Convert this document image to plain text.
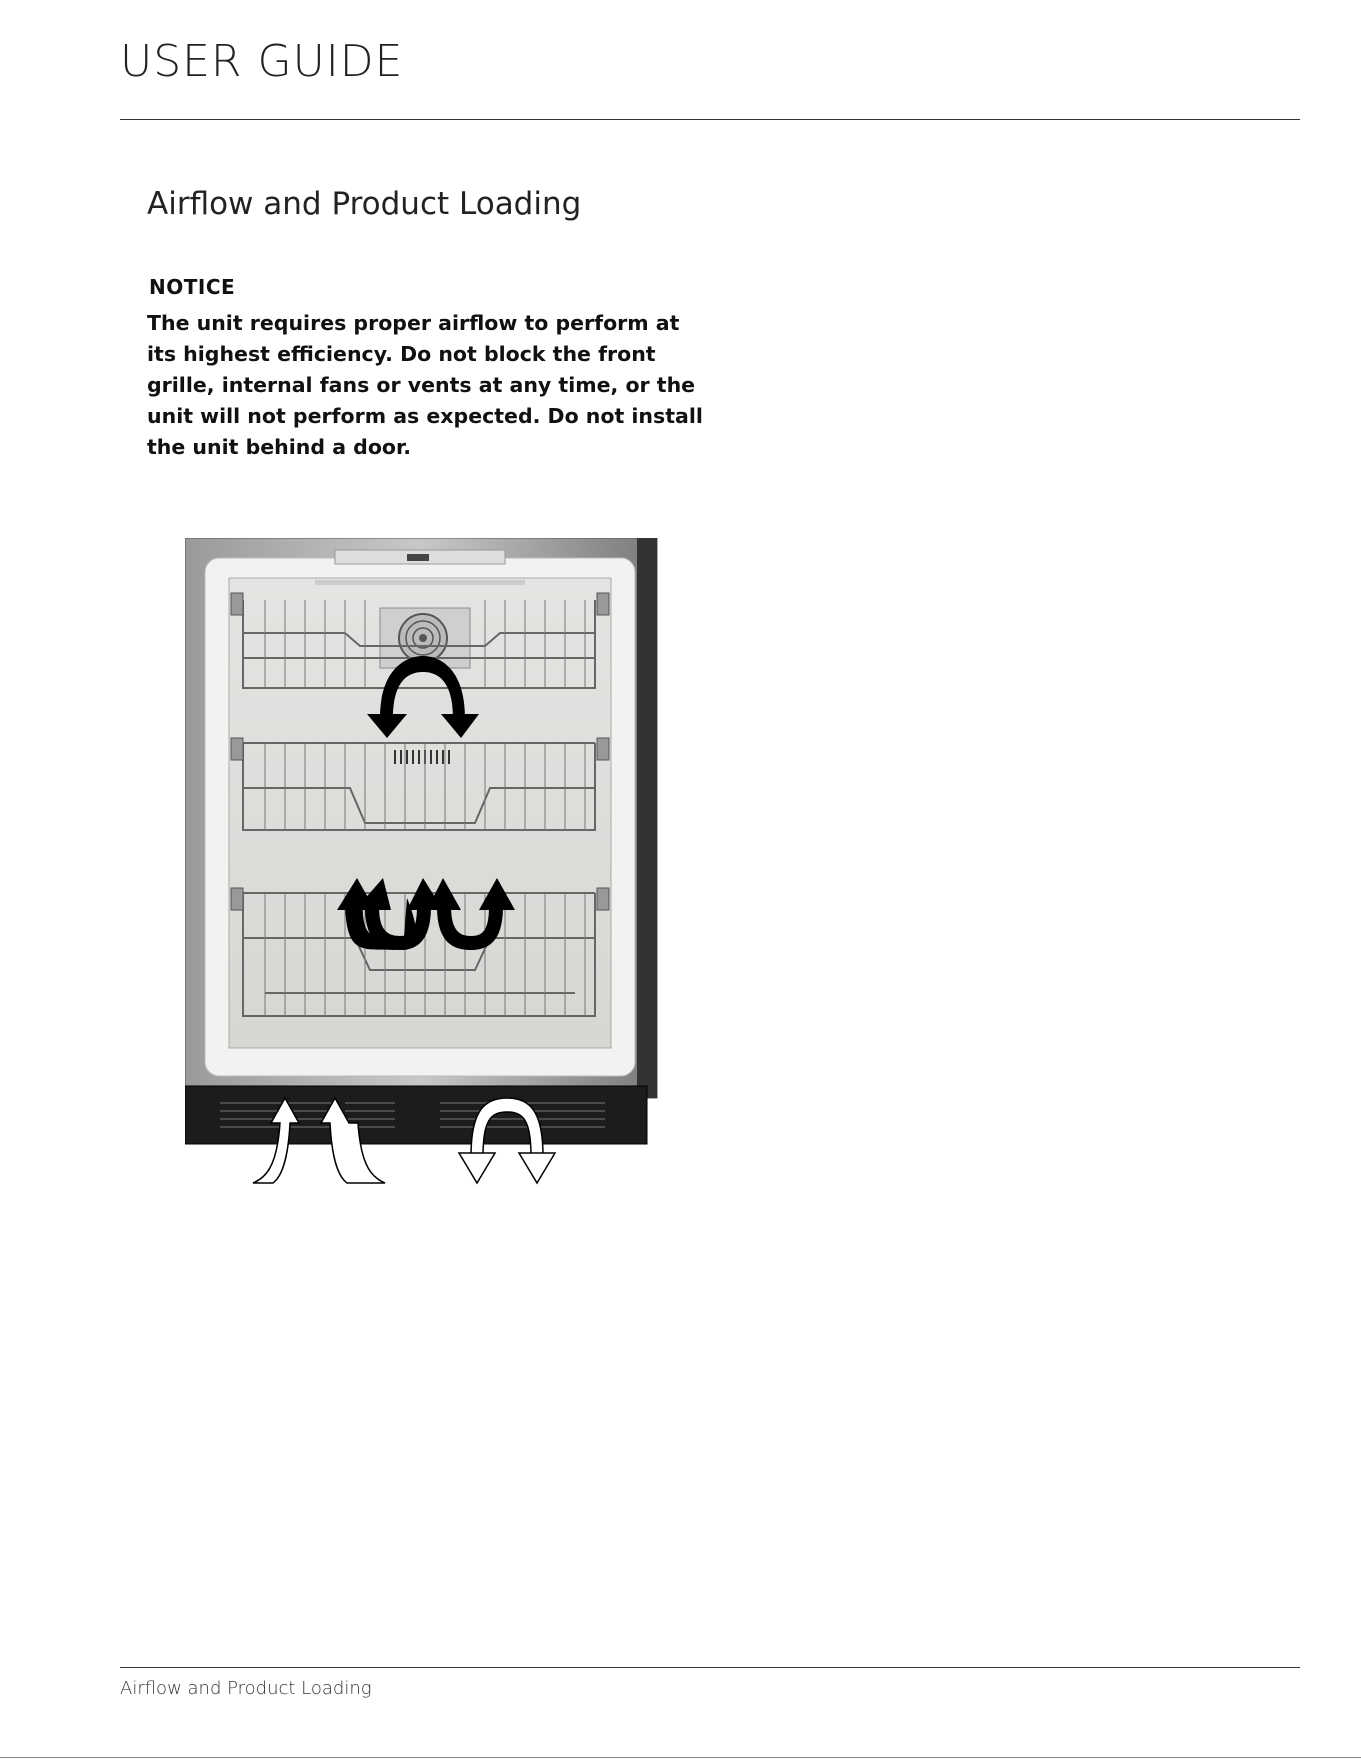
USER GUIDE
Airflow and Product Loading
NOTICE
The unit requires proper airflow to perform at its highest efficiency. Do not block the front grille, internal fans or vents at any time, or the unit will not perform as expected. Do not install the unit behind a door.
Airflow and Product Loading
